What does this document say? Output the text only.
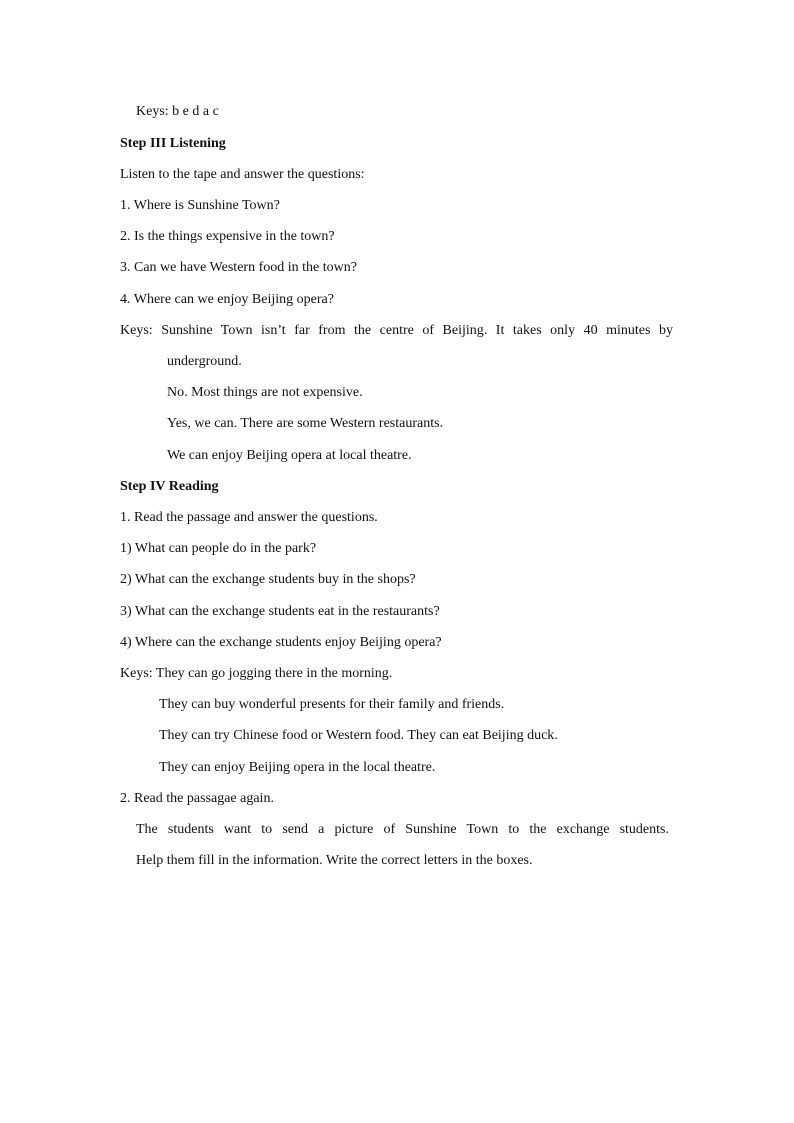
Keys: b e d a c
Step III Listening
Listen to the tape and answer the questions:
1. Where is Sunshine Town?
2. Is the things expensive in the town?
3. Can we have Western food in the town?
4. Where can we enjoy Beijing opera?
Keys: Sunshine Town isn’t far from the centre of Beijing. It takes only 40 minutes by
underground.
No. Most things are not expensive.
Yes, we can. There are some Western restaurants.
We can enjoy Beijing opera at local theatre.
Step IV Reading
1. Read the passage and answer the questions.
1) What can people do in the park?
2) What can the exchange students buy in the shops?
3) What can the exchange students eat in the restaurants?
4) Where can the exchange students enjoy Beijing opera?
Keys: They can go jogging there in the morning.
They can buy wonderful presents for their family and friends.
They can try Chinese food or Western food. They can eat Beijing duck.
They can enjoy Beijing opera in the local theatre.
2. Read the passagae again.
The students want to send a picture of Sunshine Town to the exchange students.
Help them fill in the information. Write the correct letters in the boxes.
